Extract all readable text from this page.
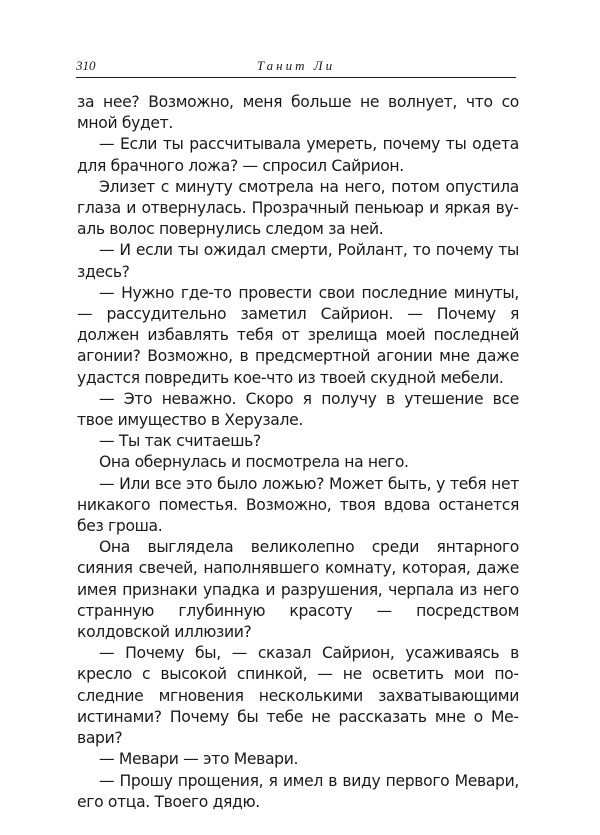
310	Танит Ли

за нее? Возможно, меня больше не волнует, что со мной будет.

— Если ты рассчитывала умереть, почему ты одета для брачного ложа? — спросил Сайрион.

Элизет с минуту смотрела на него, потом опустила глаза и отвернулась. Прозрачный пеньюар и яркая вуаль волос повернулись следом за ней.

— И если ты ожидал смерти, Ройлант, то почему ты здесь?

— Нужно где-то провести свои последние минуты, — рассудительно заметил Сайрион. — Почему я должен избавлять тебя от зрелища моей последней агонии? Возможно, в предсмертной агонии мне даже удастся повредить кое-что из твоей скудной мебели.

— Это неважно. Скоро я получу в утешение все твое имущество в Херузале.

— Ты так считаешь?

Она обернулась и посмотрела на него.

— Или все это было ложью? Может быть, у тебя нет никакого поместья. Возможно, твоя вдова останется без гроша.

Она выглядела великолепно среди янтарного сияния свечей, наполнявшего комнату, которая, даже имея признаки упадка и разрушения, черпала из него странную глубинную красоту — посредством колдовской иллюзии?

— Почему бы, — сказал Сайрион, усаживаясь в кресло с высокой спинкой, — не осветить мои последние мгновения несколькими захватывающими истинами? Почему бы тебе не рассказать мне о Мевари?

— Мевари — это Мевари.

— Прошу прощения, я имел в виду первого Мевари, его отца. Твоего дядю.
